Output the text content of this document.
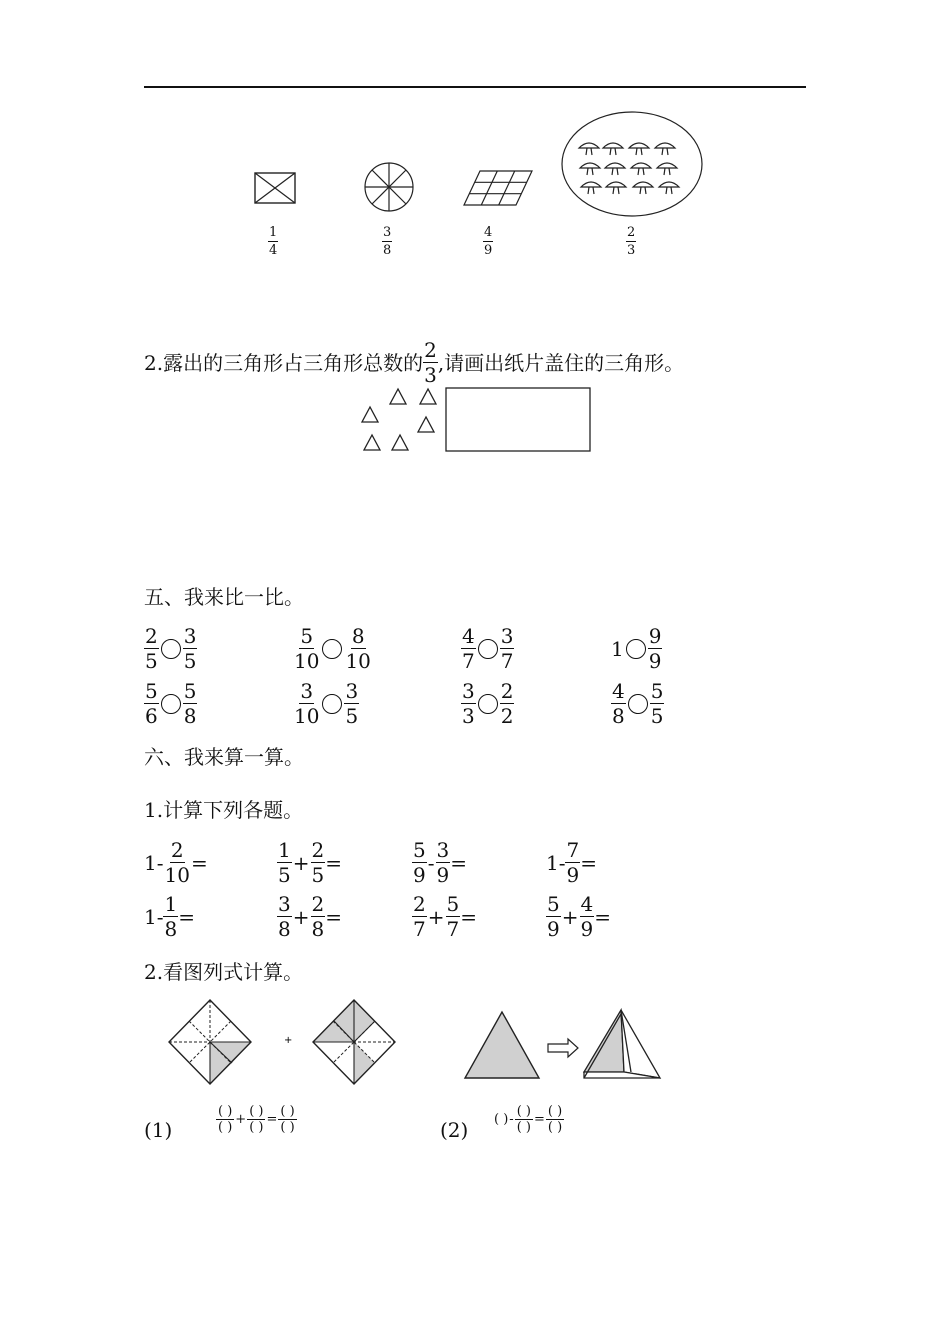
$\frac{1}{4}$	$\frac{3}{8}$	$\frac{4}{9}$	$\frac{2}{3}$
2.露出的三角形占三角形总数的 $\frac{2}{3}$ ,请画出纸片盖住的三角形。
五、我来比一比。
$\frac{2}{5} \frac{3}{5}$	$\frac{5}{10} \frac{8}{10}$	$\frac{4}{7} \frac{3}{7}$	$1 \frac{9}{9}$
$\frac{5}{6} \frac{5}{8}$	$\frac{3}{10} \frac{3}{5}$	$\frac{3}{3} \frac{2}{2}$	$\frac{4}{8} \frac{5}{5}$
六、我来算一算。
1.计算下列各题。
$1- \frac{2}{10}$ =	$\frac{1}{5} + \frac{2}{5}$ =	$\frac{5}{9} - \frac{3}{9}$ =	$1- \frac{7}{9}$ =
$1- \frac{1}{8}$ =	$\frac{3}{8} + \frac{2}{8}$ =	$\frac{2}{7} + \frac{5}{7}$ =	$\frac{5}{9} + \frac{4}{9}$ =
2.看图列式计算。
+
(1)
( )
( )
+
( )
( )
=
( )
( )	(2) ( ) -
( )
( )
=
( )
( )
